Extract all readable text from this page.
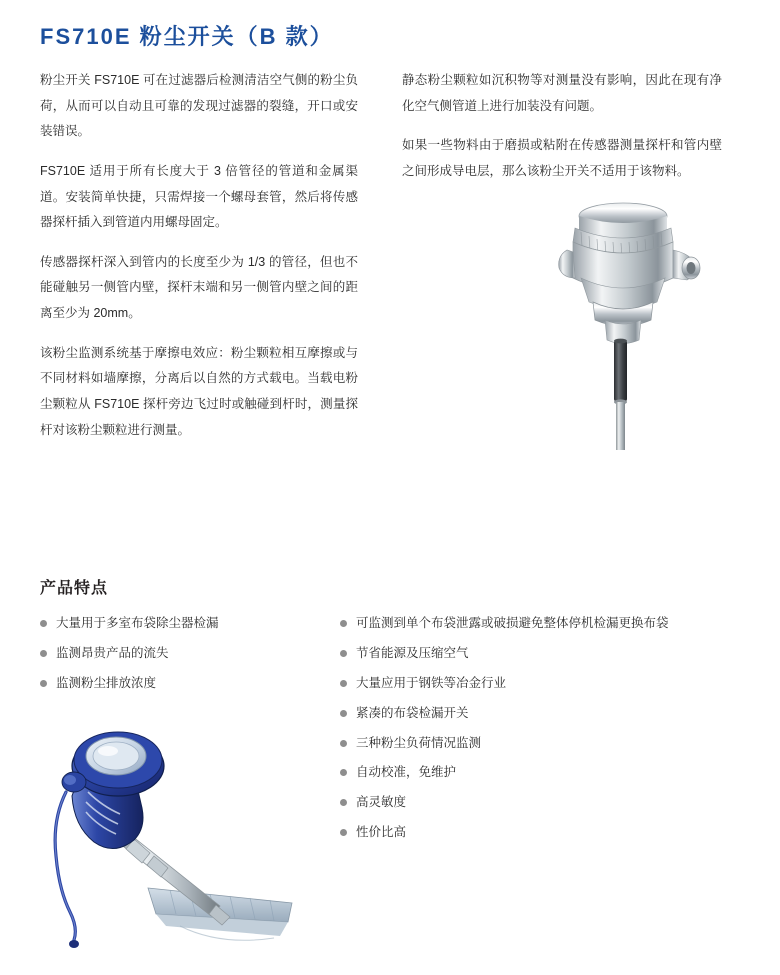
FS710E 粉尘开关（B 款）

粉尘开关 FS710E 可在过滤器后检测清洁空气侧的粉尘负荷，从而可以自动且可靠的发现过滤器的裂缝，开口或安装错误。

FS710E 适用于所有长度大于 3 倍管径的管道和金属渠道。安装简单快捷，只需焊接一个螺母套管，然后将传感器探杆插入到管道内用螺母固定。

传感器探杆深入到管内的长度至少为 1/3 的管径，但也不能碰触另一侧管内壁，探杆末端和另一侧管内壁之间的距离至少为 20mm。

该粉尘监测系统基于摩擦电效应：粉尘颗粒相互摩擦或与不同材料如墙摩擦，分离后以自然的方式载电。当载电粉尘颗粒从 FS710E 探杆旁边飞过时或触碰到杆时，测量探杆对该粉尘颗粒进行测量。

静态粉尘颗粒如沉积物等对测量没有影响，因此在现有净化空气侧管道上进行加装没有问题。

如果一些物料由于磨损或粘附在传感器测量探杆和管内壁之间形成导电层，那么该粉尘开关不适用于该物料。

产品特点
大量用于多室布袋除尘器检漏
监测昂贵产品的流失
监测粉尘排放浓度
可监测到单个布袋泄露或破损避免整体停机检漏更换布袋
节省能源及压缩空气
大量应用于钢铁等冶金行业
紧凑的布袋检漏开关
三种粉尘负荷情况监测
自动校准，免维护
高灵敏度
性价比高
